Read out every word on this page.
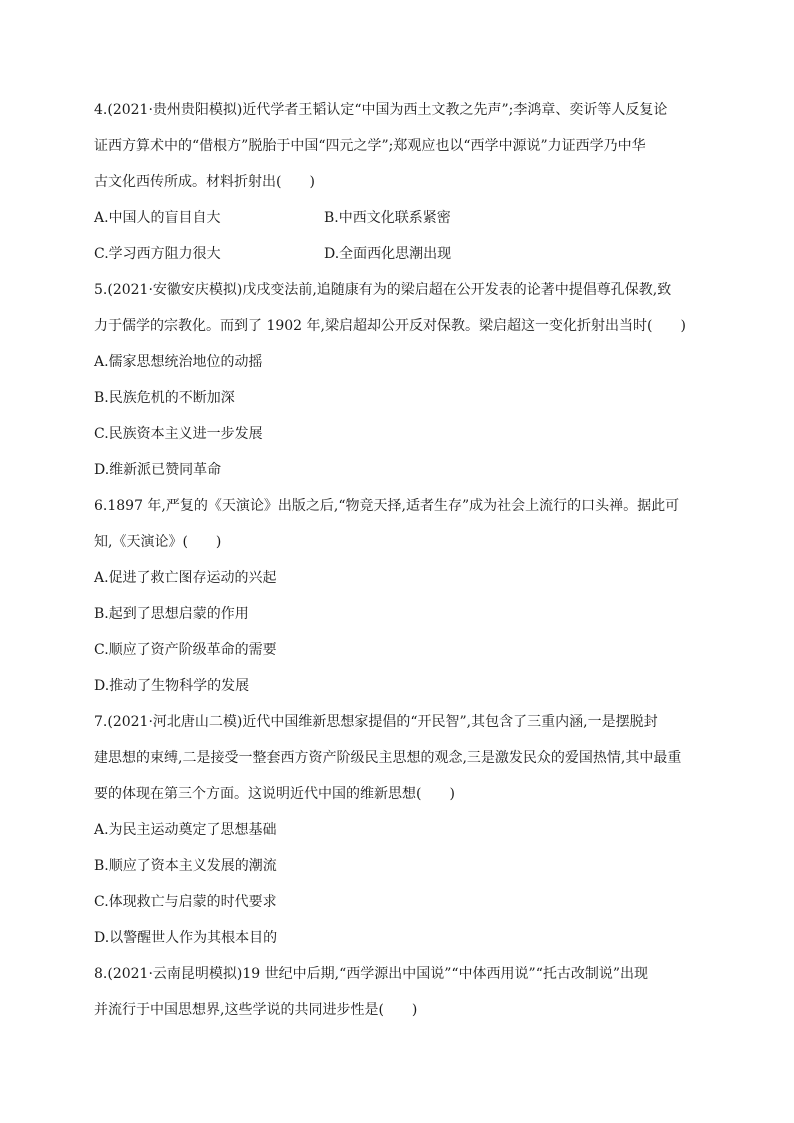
4.(2021·贵州贵阳模拟)近代学者王韬认定“中国为西土文教之先声”;李鸿章、奕䜣等人反复论
证西方算术中的“借根方”脱胎于中国“四元之学”;郑观应也以“西学中源说”力证西学乃中华
古文化西传所成。材料折射出(　　)
A.中国人的盲目自大	B.中西文化联系紧密
C.学习西方阻力很大	D.全面西化思潮出现
5.(2021·安徽安庆模拟)戊戌变法前,追随康有为的梁启超在公开发表的论著中提倡尊孔保教,致
力于儒学的宗教化。而到了 1902 年,梁启超却公开反对保教。梁启超这一变化折射出当时(　　)
A.儒家思想统治地位的动摇
B.民族危机的不断加深
C.民族资本主义进一步发展
D.维新派已赞同革命
6.1897 年,严复的《天演论》出版之后,“物竞天择,适者生存”成为社会上流行的口头禅。据此可
知,《天演论》(　　)
A.促进了救亡图存运动的兴起
B.起到了思想启蒙的作用
C.顺应了资产阶级革命的需要
D.推动了生物科学的发展
7.(2021·河北唐山二模)近代中国维新思想家提倡的“开民智”,其包含了三重内涵,一是摆脱封
建思想的束缚,二是接受一整套西方资产阶级民主思想的观念,三是激发民众的爱国热情,其中最重
要的体现在第三个方面。这说明近代中国的维新思想(　　)
A.为民主运动奠定了思想基础
B.顺应了资本主义发展的潮流
C.体现救亡与启蒙的时代要求
D.以警醒世人作为其根本目的
8.(2021·云南昆明模拟)19 世纪中后期,“西学源出中国说”“中体西用说”“托古改制说”出现
并流行于中国思想界,这些学说的共同进步性是(　　)
